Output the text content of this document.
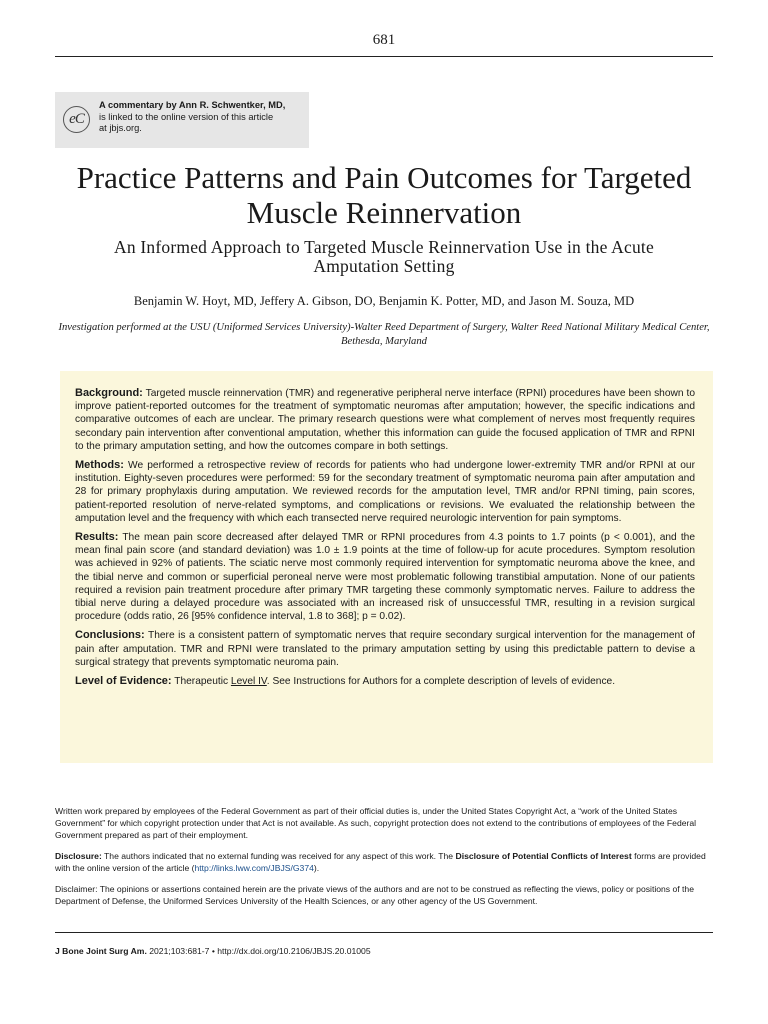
681
eC
A commentary by Ann R. Schwentker, MD,
is linked to the online version of this article
at jbjs.org.
Practice Patterns and Pain Outcomes for Targeted Muscle Reinnervation
An Informed Approach to Targeted Muscle Reinnervation Use in the Acute Amputation Setting
Benjamin W. Hoyt, MD, Jeffery A. Gibson, DO, Benjamin K. Potter, MD, and Jason M. Souza, MD
Investigation performed at the USU (Uniformed Services University)-Walter Reed Department of Surgery, Walter Reed National Military Medical Center, Bethesda, Maryland

Background: Targeted muscle reinnervation (TMR) and regenerative peripheral nerve interface (RPNI) procedures have been shown to improve patient-reported outcomes for the treatment of symptomatic neuromas after amputation; however, the specific indications and comparative outcomes of each are unclear. The primary research questions were what complement of nerves most frequently requires secondary pain intervention after conventional amputation, whether this information can guide the focused application of TMR and RPNI to the primary amputation setting, and how the outcomes compare in both settings.

Methods: We performed a retrospective review of records for patients who had undergone lower-extremity TMR and/or RPNI at our institution. Eighty-seven procedures were performed: 59 for the secondary treatment of symptomatic neuroma pain after amputation and 28 for primary prophylaxis during amputation. We reviewed records for the amputation level, TMR and/or RPNI timing, pain scores, patient-reported resolution of nerve-related symptoms, and complications or revisions. We evaluated the relationship between the amputation level and the frequency with which each transected nerve required neurologic intervention for pain symptoms.

Results: The mean pain score decreased after delayed TMR or RPNI procedures from 4.3 points to 1.7 points (p < 0.001), and the mean final pain score (and standard deviation) was 1.0 ± 1.9 points at the time of follow-up for acute procedures. Symptom resolution was achieved in 92% of patients. The sciatic nerve most commonly required intervention for symptomatic neuroma above the knee, and the tibial nerve and common or superficial peroneal nerve were most problematic following transtibial amputation. None of our patients required a revision pain treatment procedure after primary TMR targeting these commonly symptomatic nerves. Failure to address the tibial nerve during a delayed procedure was associated with an increased risk of unsuccessful TMR, resulting in a revision surgical procedure (odds ratio, 26 [95% confidence interval, 1.8 to 368]; p = 0.02).

Conclusions: There is a consistent pattern of symptomatic nerves that require secondary surgical intervention for the management of pain after amputation. TMR and RPNI were translated to the primary amputation setting by using this predictable pattern to devise a surgical strategy that prevents symptomatic neuroma pain.

Level of Evidence: Therapeutic Level IV. See Instructions for Authors for a complete description of levels of evidence.

Written work prepared by employees of the Federal Government as part of their official duties is, under the United States Copyright Act, a “work of the United States Government” for which copyright protection under that Act is not available. As such, copyright protection does not extend to the contributions of employees of the Federal Government prepared as part of their employment.

Disclosure: The authors indicated that no external funding was received for any aspect of this work. The Disclosure of Potential Conflicts of Interest forms are provided with the online version of the article (http://links.lww.com/JBJS/G374).

Disclaimer: The opinions or assertions contained herein are the private views of the authors and are not to be construed as reflecting the views, policy or positions of the Department of Defense, the Uniformed Services University of the Health Sciences, or any other agency of the US Government.

J Bone Joint Surg Am. 2021;103:681-7 • http://dx.doi.org/10.2106/JBJS.20.01005
